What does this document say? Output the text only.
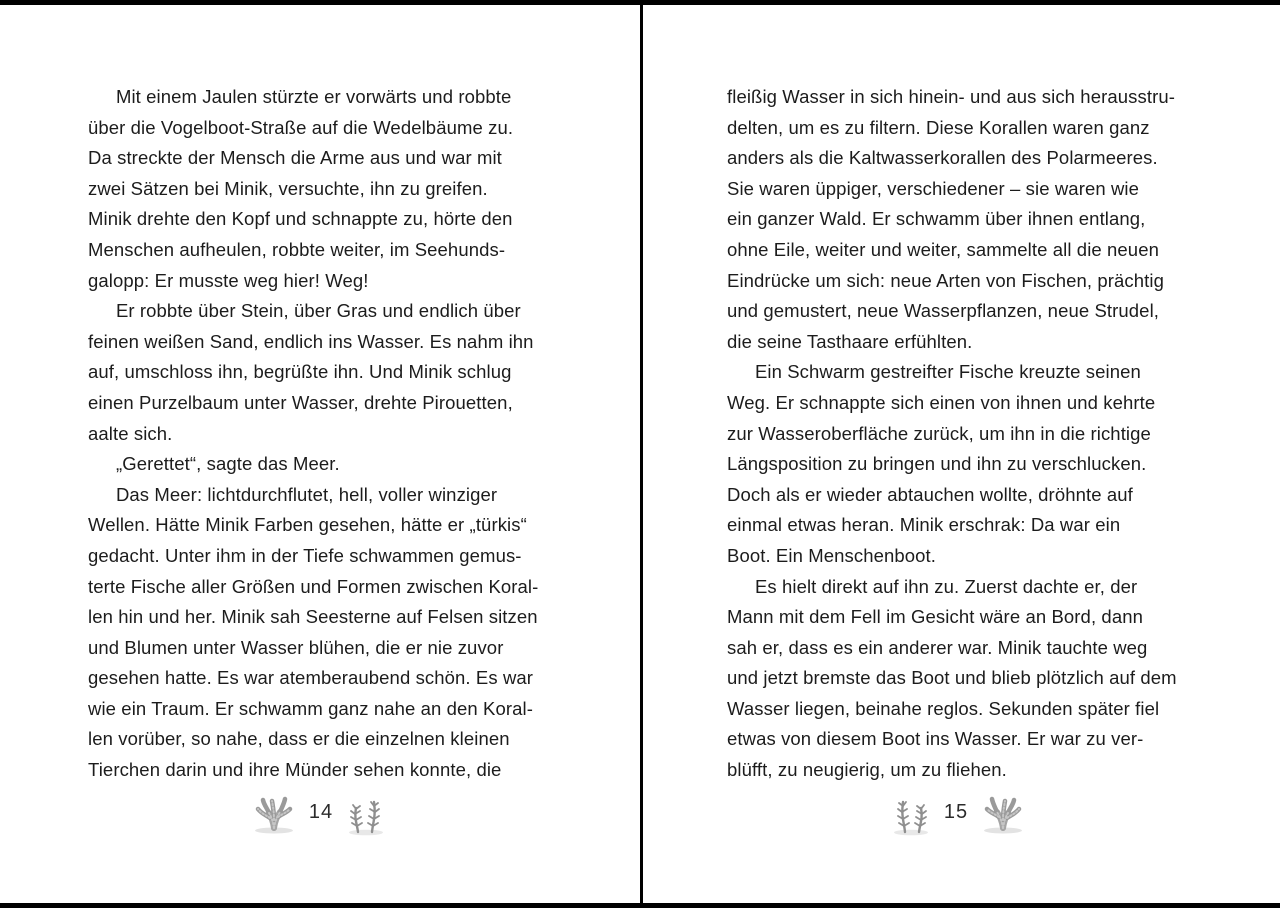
  Mit einem Jaulen stürzte er vorwärts und robbte

über die Vogelboot-Straße auf die Wedelbäume zu.

Da streckte der Mensch die Arme aus und war mit

zwei Sätzen bei Minik, versuchte, ihn zu greifen.

Minik drehte den Kopf und schnappte zu, hörte den

Menschen aufheulen, robbte weiter, im Seehunds-

galopp: Er musste weg hier! Weg!

  Er robbte über Stein, über Gras und endlich über

feinen weißen Sand, endlich ins Wasser. Es nahm ihn

auf, umschloss ihn, begrüßte ihn. Und Minik schlug

einen Purzelbaum unter Wasser, drehte Pirouetten,

aalte sich.

  „Gerettet“, sagte das Meer.

  Das Meer: lichtdurchflutet, hell, voller winziger

Wellen. Hätte Minik Farben gesehen, hätte er „türkis“

gedacht. Unter ihm in der Tiefe schwammen gemus-

terte Fische aller Größen und Formen zwischen Koral-

len hin und her. Minik sah Seesterne auf Felsen sitzen

und Blumen unter Wasser blühen, die er nie zuvor

gesehen hatte. Es war atemberaubend schön. Es war

wie ein Traum. Er schwamm ganz nahe an den Koral-

len vorüber, so nahe, dass er die einzelnen kleinen

Tierchen darin und ihre Münder sehen konnte, die

fleißig Wasser in sich hinein- und aus sich herausstru-

delten, um es zu filtern. Diese Korallen waren ganz

anders als die Kaltwasserkorallen des Polarmeeres.

Sie waren üppiger, verschiedener – sie waren wie

ein ganzer Wald. Er schwamm über ihnen entlang,

ohne Eile, weiter und weiter, sammelte all die neuen

Eindrücke um sich: neue Arten von Fischen, prächtig

und gemustert, neue Wasserpflanzen, neue Strudel,

die seine Tasthaare erfühlten.

  Ein Schwarm gestreifter Fische kreuzte seinen

Weg. Er schnappte sich einen von ihnen und kehrte

zur Wasseroberfläche zurück, um ihn in die richtige

Längsposition zu bringen und ihn zu verschlucken.

Doch als er wieder abtauchen wollte, dröhnte auf

einmal etwas heran. Minik erschrak: Da war ein

Boot. Ein Menschenboot.

  Es hielt direkt auf ihn zu. Zuerst dachte er, der

Mann mit dem Fell im Gesicht wäre an Bord, dann

sah er, dass es ein anderer war. Minik tauchte weg

und jetzt bremste das Boot und blieb plötzlich auf dem

Wasser liegen, beinahe reglos. Sekunden später fiel

etwas von diesem Boot ins Wasser. Er war zu ver-

blüfft, zu neugierig, um zu fliehen.

14	15
